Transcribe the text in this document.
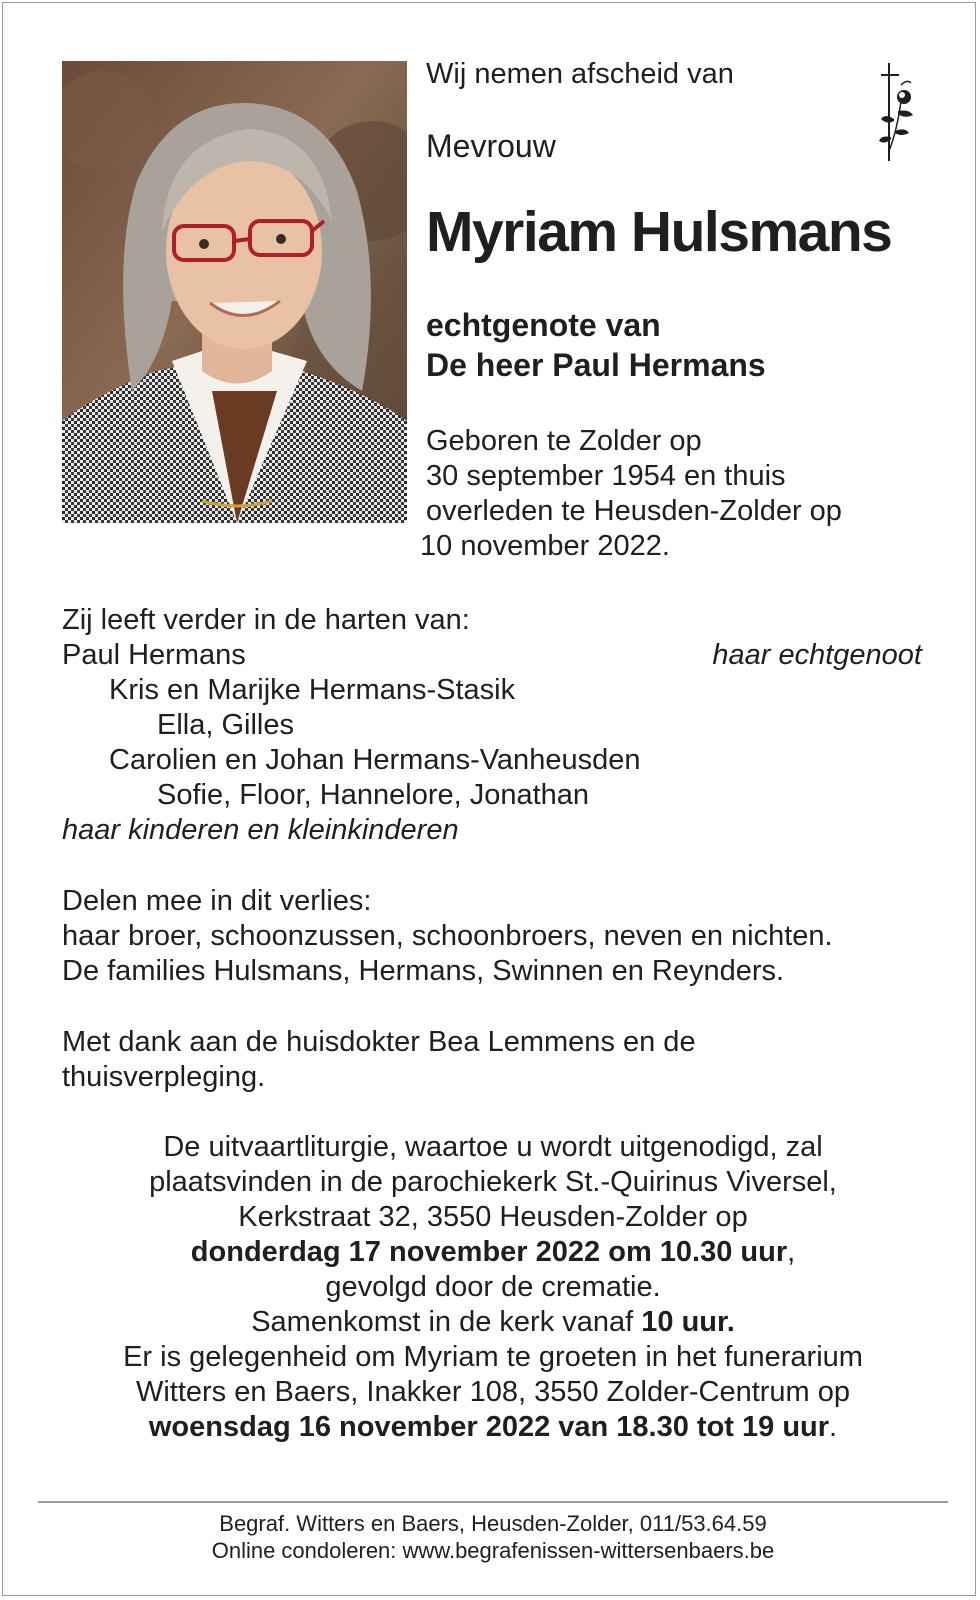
Wij nemen afscheid van
Mevrouw
Myriam Hulsmans
echtgenote van
De heer Paul Hermans
Geboren te Zolder op
30 september 1954 en thuis
overleden te Heusden-Zolder op
10 november 2022.
Zij leeft verder in de harten van:
Paul Hermans	haar echtgenoot
Kris en Marijke Hermans-Stasik
Ella, Gilles
Carolien en Johan Hermans-Vanheusden
Sofie, Floor, Hannelore, Jonathan
haar kinderen en kleinkinderen
Delen mee in dit verlies:
haar broer, schoonzussen, schoonbroers, neven en nichten.
De families Hulsmans, Hermans, Swinnen en Reynders.
Met dank aan de huisdokter Bea Lemmens en de
thuisverpleging.
De uitvaartliturgie, waartoe u wordt uitgenodigd, zal
plaatsvinden in de parochiekerk St.-Quirinus Viversel,
Kerkstraat 32, 3550 Heusden-Zolder op
donderdag 17 november 2022 om 10.30 uur,
gevolgd door de crematie.
Samenkomst in de kerk vanaf 10 uur.
Er is gelegenheid om Myriam te groeten in het funerarium
Witters en Baers, Inakker 108, 3550 Zolder-Centrum op
woensdag 16 november 2022 van 18.30 tot 19 uur.
Begraf. Witters en Baers, Heusden-Zolder, 011/53.64.59
Online condoleren: www.begrafenissen-wittersenbaers.be
